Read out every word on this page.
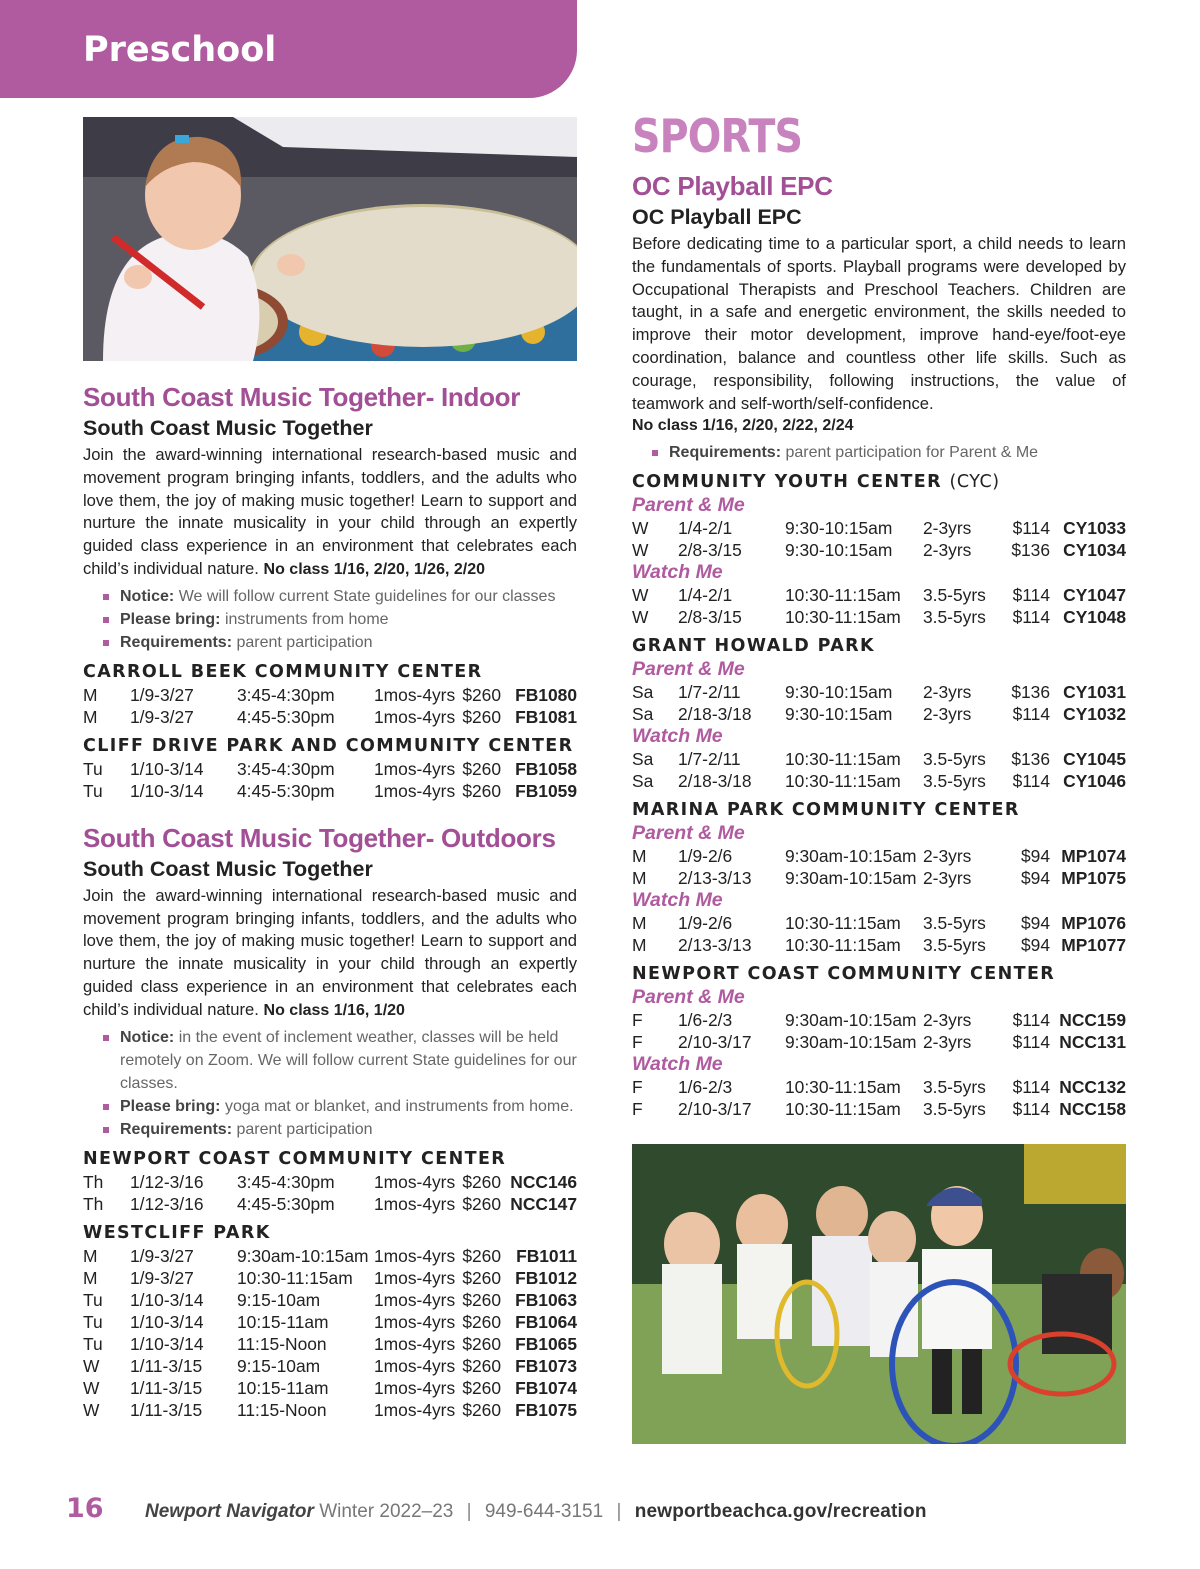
Preschool
South Coast Music Together- Indoor
South Coast Music Together
Join the award-winning international research-based music and movement program bringing infants, toddlers, and the adults who love them, the joy of making music together! Learn to support and nurture the innate musicality in your child through an expertly guided class experience in an environment that celebrates each child’s individual nature. No class 1/16, 2/20, 1/26, 2/20
Notice: We will follow current State guidelines for our classes
Please bring: instruments from home
Requirements: parent participation
CARROLL BEEK COMMUNITY CENTER
M 1/9-3/27 3:45-4:30pm 1mos-4yrs $260 FB1080
M 1/9-3/27 4:45-5:30pm 1mos-4yrs $260 FB1081
CLIFF DRIVE PARK AND COMMUNITY CENTER
Tu 1/10-3/14 3:45-4:30pm 1mos-4yrs $260 FB1058
Tu 1/10-3/14 4:45-5:30pm 1mos-4yrs $260 FB1059
South Coast Music Together- Outdoors
South Coast Music Together
Join the award-winning international research-based music and movement program bringing infants, toddlers, and the adults who love them, the joy of making music together! Learn to support and nurture the innate musicality in your child through an expertly guided class experience in an environment that celebrates each child’s individual nature. No class 1/16, 1/20
Notice: in the event of inclement weather, classes will be held remotely on Zoom. We will follow current State guidelines for our classes.
Please bring: yoga mat or blanket, and instruments from home.
Requirements: parent participation
NEWPORT COAST COMMUNITY CENTER
Th 1/12-3/16 3:45-4:30pm 1mos-4yrs $260 NCC146
Th 1/12-3/16 4:45-5:30pm 1mos-4yrs $260 NCC147
WESTCLIFF PARK
M 1/9-3/27 9:30am-10:15am 1mos-4yrs $260 FB1011
M 1/9-3/27 10:30-11:15am 1mos-4yrs $260 FB1012
Tu 1/10-3/14 9:15-10am	1mos-4yrs $260 FB1063
Tu 1/10-3/14 10:15-11am	1mos-4yrs $260 FB1064
Tu 1/10-3/14 11:15-Noon	1mos-4yrs $260 FB1065
W 1/11-3/15 9:15-10am	1mos-4yrs $260 FB1073
W 1/11-3/15 10:15-11am	1mos-4yrs $260 FB1074
W 1/11-3/15 11:15-Noon	1mos-4yrs $260 FB1075
SPORTS
OC Playball EPC
OC Playball EPC
Before dedicating time to a particular sport, a child needs to learn the fundamentals of sports. Playball programs were developed by Occupational Therapists and Preschool Teachers. Children are taught, in a safe and energetic environment, the skills needed to improve their motor development, improve hand-eye/foot-eye coordination, balance and countless other life skills. Such as courage, responsibility, following instructions, the value of teamwork and self-worth/self-confidence.
No class 1/16, 2/20, 2/22, 2/24
Requirements: parent participation for Parent & Me
COMMUNITY YOUTH CENTER (CYC)
Parent & Me
W 1/4-2/1	9:30-10:15am 2-3yrs $114 CY1033
W 2/8-3/15 9:30-10:15am 2-3yrs $136 CY1034
Watch Me
W 1/4-2/1	10:30-11:15am 3.5-5yrs $114 CY1047
W 2/8-3/15 10:30-11:15am 3.5-5yrs $114 CY1048
GRANT HOWALD PARK
Parent & Me
Sa 1/7-2/11	9:30-10:15am 2-3yrs $136 CY1031
Sa 2/18-3/18 9:30-10:15am 2-3yrs $114 CY1032
Watch Me
Sa 1/7-2/11	10:30-11:15am 3.5-5yrs $136 CY1045
Sa 2/18-3/18 10:30-11:15am 3.5-5yrs $114 CY1046
MARINA PARK COMMUNITY CENTER
Parent & Me
M 1/9-2/6	9:30am-10:15am 2-3yrs	$94 MP1074
M 2/13-3/13 9:30am-10:15am 2-3yrs	$94 MP1075
Watch Me
M 1/9-2/6	10:30-11:15am 3.5-5yrs $94 MP1076
M 2/13-3/13 10:30-11:15am 3.5-5yrs $94 MP1077
NEWPORT COAST COMMUNITY CENTER
Parent & Me
F 1/6-2/3	9:30am-10:15am 2-3yrs $114 NCC159
F 2/10-3/17 9:30am-10:15am 2-3yrs $114 NCC131
Watch Me
F 1/6-2/3	10:30-11:15am 3.5-5yrs $114 NCC132
F 2/10-3/17 10:30-11:15am 3.5-5yrs $114 NCC158
16 Newport Navigator Winter 2022–23 | 949-644-3151 | newportbeachca.gov/recreation
